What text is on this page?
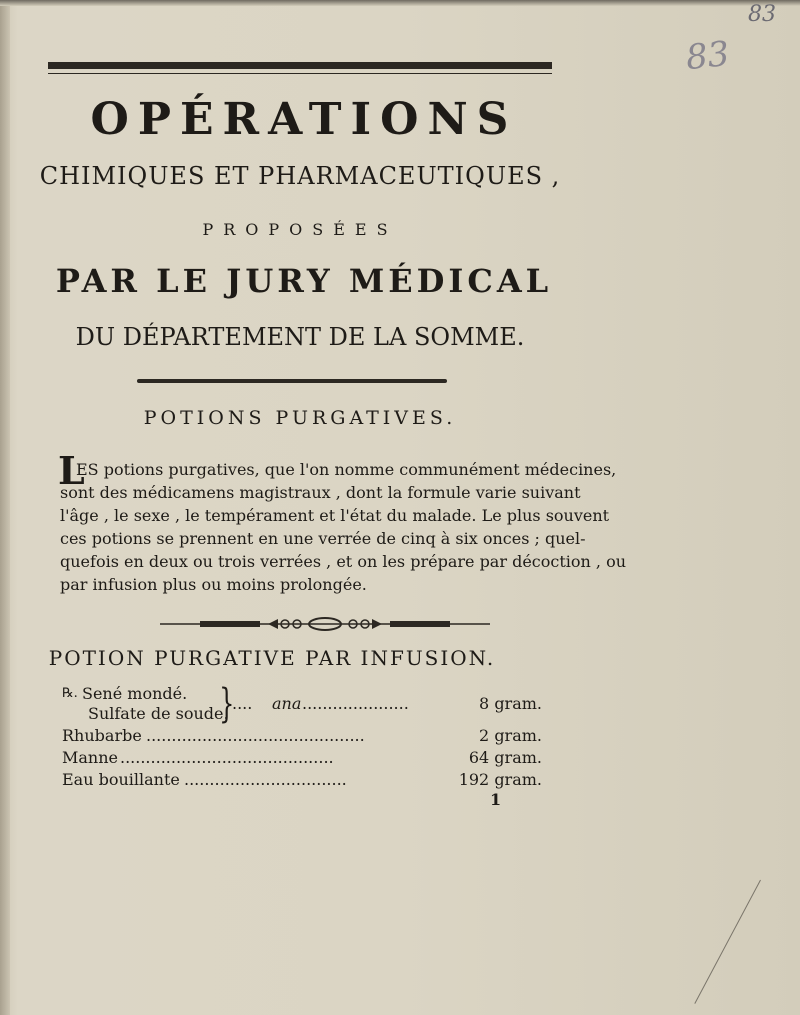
83
83
OPÉRATIONS
CHIMIQUES ET PHARMACEUTIQUES ,
PROPOSÉES
PAR LE JURY MÉDICAL
DU DÉPARTEMENT DE LA SOMME.
POTIONS PURGATIVES.
L
ES potions purgatives, que l'on nomme communément médecines,
sont des médicamens magistraux , dont la formule varie suivant
l'âge , le sexe , le tempérament et l'état du malade. Le plus souvent
ces potions se prennent en une verrée de cinq à six onces ; quel-
quefois en deux ou trois verrées , et on les prépare par décoction , ou
par infusion plus ou moins prolongée.
POTION PURGATIVE PAR INFUSION.
℞. Sené mondé.
Sulfate de soude.
}
.... ana .....................	8 gram.
Rhubarbe ...........................................	2 gram.
Manne ..........................................	64 gram.
Eau bouillante ................................	192 gram.
1
